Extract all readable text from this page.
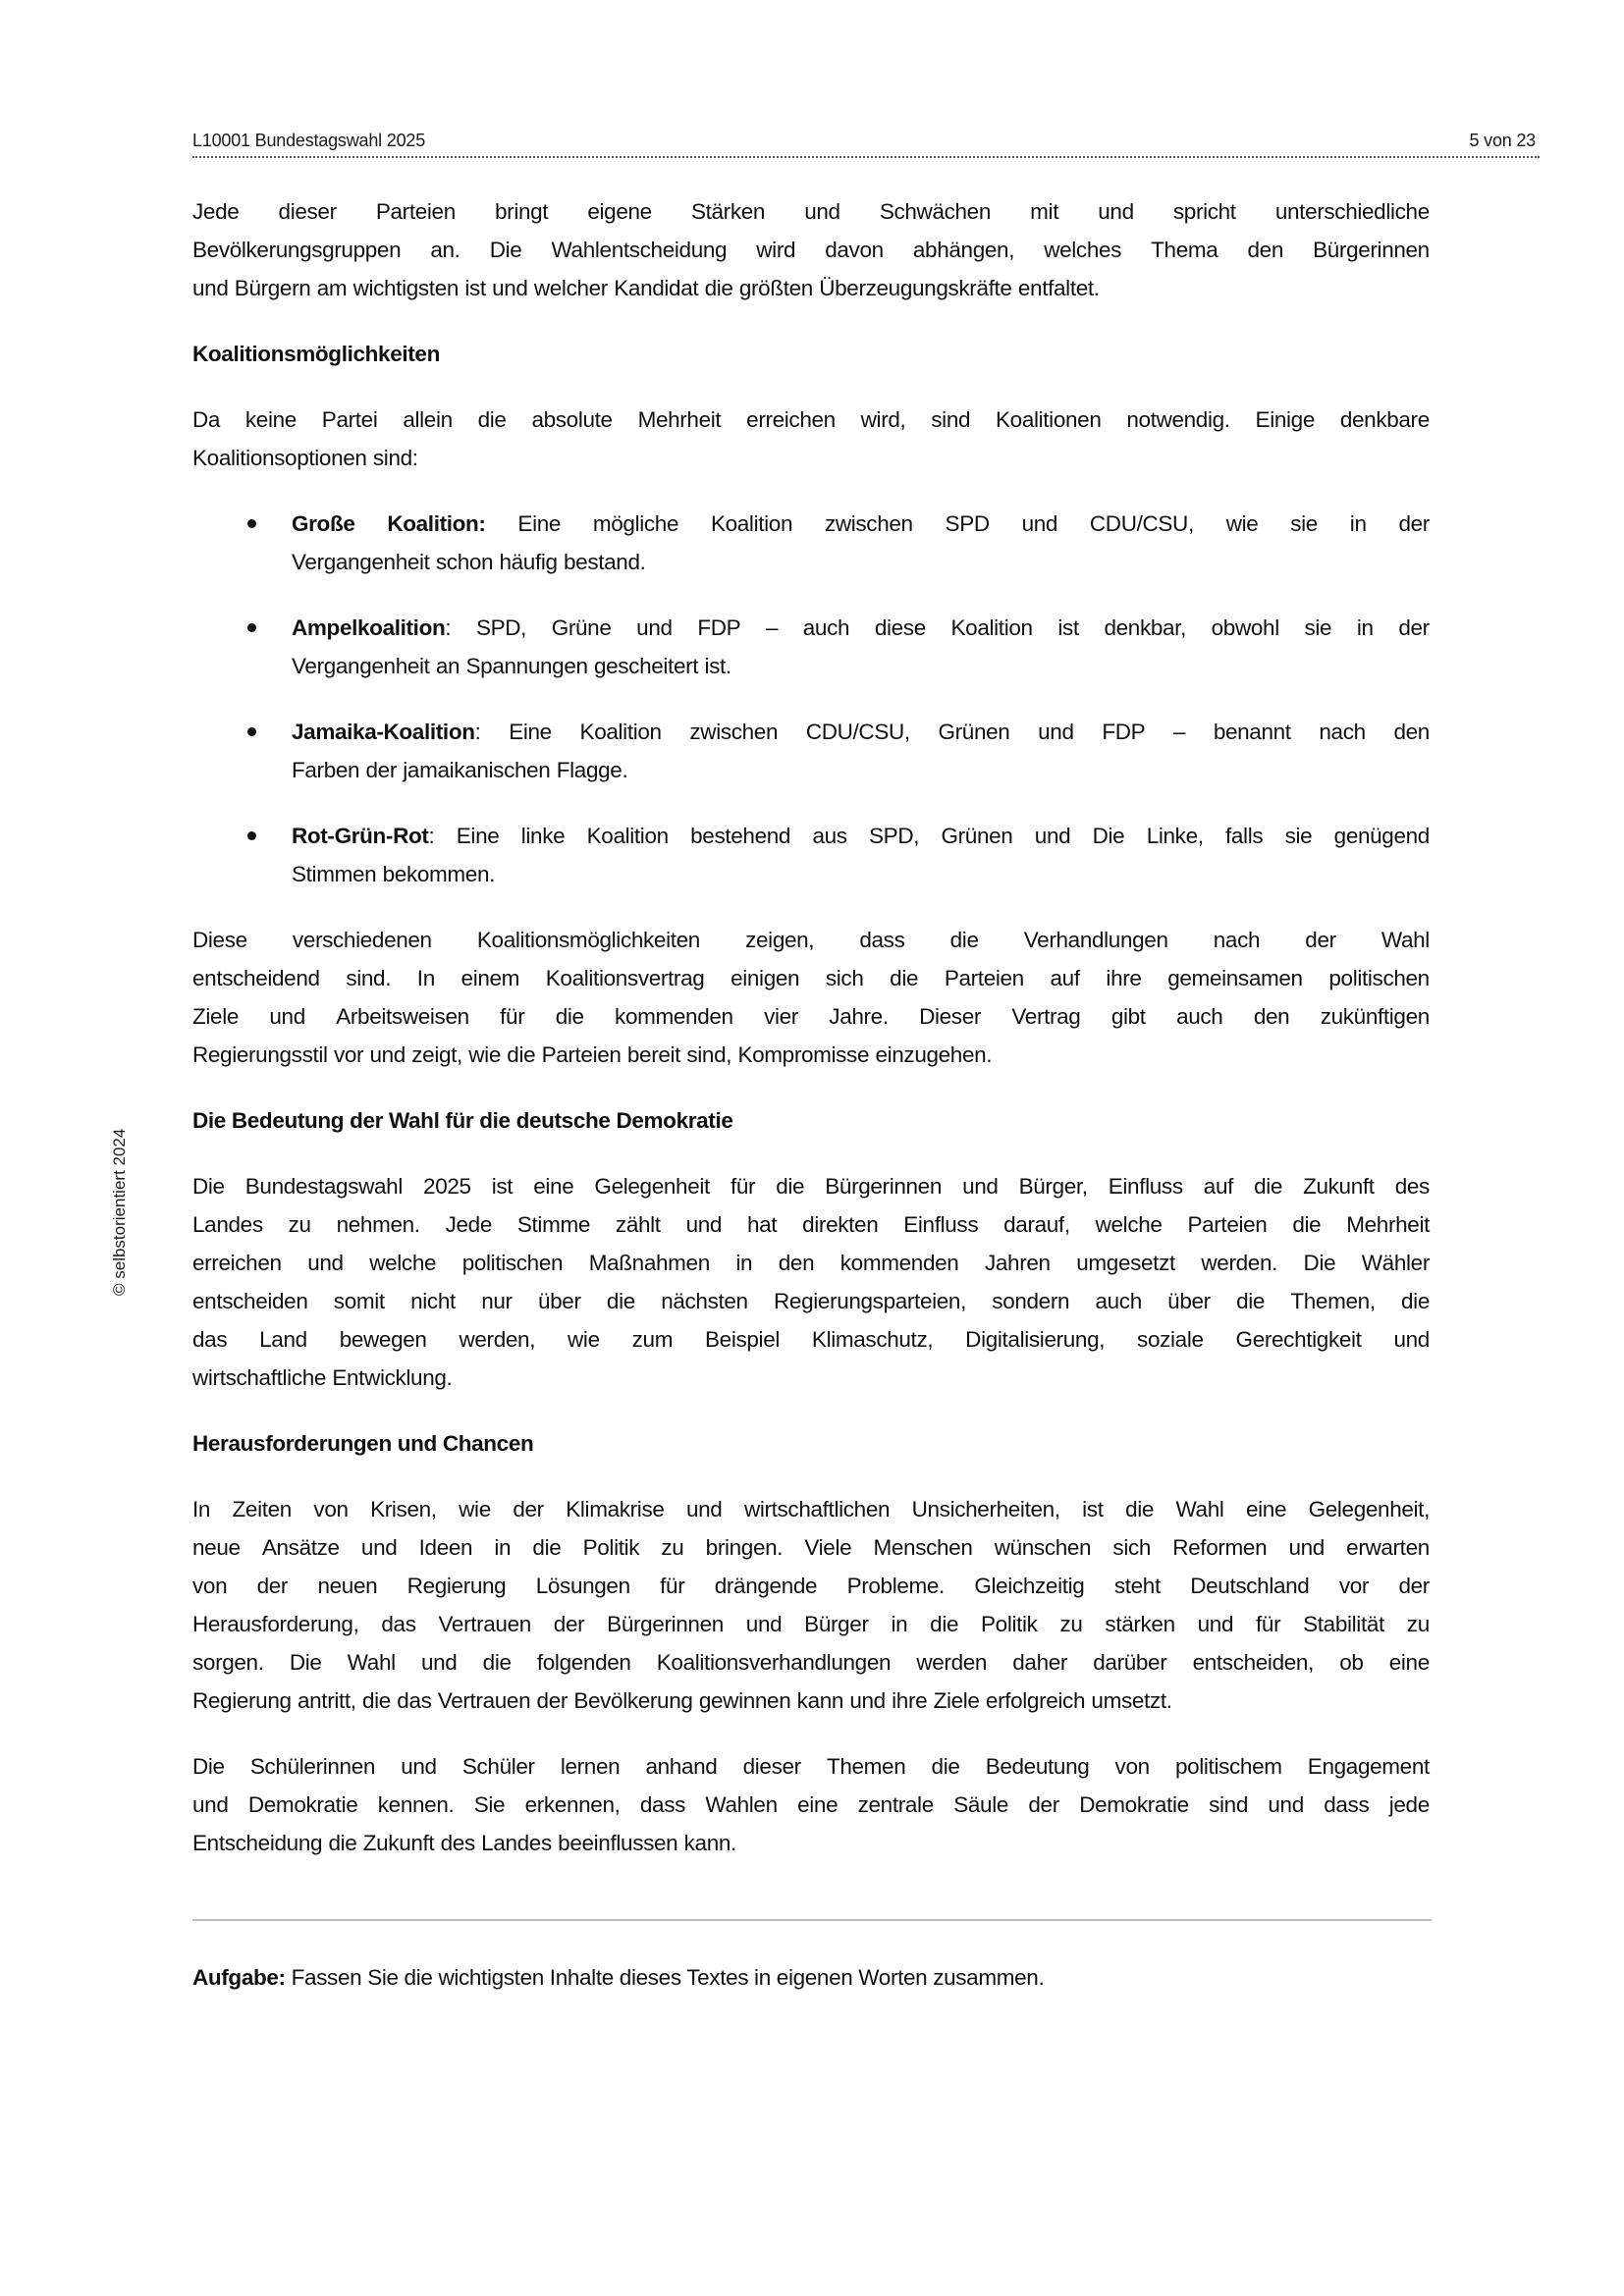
L10001 Bundestagswahl 2025	5 von 23
© selbstorientiert 2024
Jede dieser Parteien bringt eigene Stärken und Schwächen mit und spricht unterschiedliche
Bevölkerungsgruppen an. Die Wahlentscheidung wird davon abhängen, welches Thema den Bürgerinnen
und Bürgern am wichtigsten ist und welcher Kandidat die größten Überzeugungskräfte entfaltet.
Koalitionsmöglichkeiten
Da keine Partei allein die absolute Mehrheit erreichen wird, sind Koalitionen notwendig. Einige denkbare
Koalitionsoptionen sind:
Große Koalition: Eine mögliche Koalition zwischen SPD und CDU/CSU, wie sie in der
Vergangenheit schon häufig bestand.
Ampelkoalition: SPD, Grüne und FDP – auch diese Koalition ist denkbar, obwohl sie in der
Vergangenheit an Spannungen gescheitert ist.
Jamaika-Koalition: Eine Koalition zwischen CDU/CSU, Grünen und FDP – benannt nach den
Farben der jamaikanischen Flagge.
Rot-Grün-Rot: Eine linke Koalition bestehend aus SPD, Grünen und Die Linke, falls sie genügend
Stimmen bekommen.
Diese verschiedenen Koalitionsmöglichkeiten zeigen, dass die Verhandlungen nach der Wahl
entscheidend sind. In einem Koalitionsvertrag einigen sich die Parteien auf ihre gemeinsamen politischen
Ziele und Arbeitsweisen für die kommenden vier Jahre. Dieser Vertrag gibt auch den zukünftigen
Regierungsstil vor und zeigt, wie die Parteien bereit sind, Kompromisse einzugehen.
Die Bedeutung der Wahl für die deutsche Demokratie
Die Bundestagswahl 2025 ist eine Gelegenheit für die Bürgerinnen und Bürger, Einfluss auf die Zukunft des
Landes zu nehmen. Jede Stimme zählt und hat direkten Einfluss darauf, welche Parteien die Mehrheit
erreichen und welche politischen Maßnahmen in den kommenden Jahren umgesetzt werden. Die Wähler
entscheiden somit nicht nur über die nächsten Regierungsparteien, sondern auch über die Themen, die
das Land bewegen werden, wie zum Beispiel Klimaschutz, Digitalisierung, soziale Gerechtigkeit und
wirtschaftliche Entwicklung.
Herausforderungen und Chancen
In Zeiten von Krisen, wie der Klimakrise und wirtschaftlichen Unsicherheiten, ist die Wahl eine Gelegenheit,
neue Ansätze und Ideen in die Politik zu bringen. Viele Menschen wünschen sich Reformen und erwarten
von der neuen Regierung Lösungen für drängende Probleme. Gleichzeitig steht Deutschland vor der
Herausforderung, das Vertrauen der Bürgerinnen und Bürger in die Politik zu stärken und für Stabilität zu
sorgen. Die Wahl und die folgenden Koalitionsverhandlungen werden daher darüber entscheiden, ob eine
Regierung antritt, die das Vertrauen der Bevölkerung gewinnen kann und ihre Ziele erfolgreich umsetzt.
Die Schülerinnen und Schüler lernen anhand dieser Themen die Bedeutung von politischem Engagement
und Demokratie kennen. Sie erkennen, dass Wahlen eine zentrale Säule der Demokratie sind und dass jede
Entscheidung die Zukunft des Landes beeinflussen kann.
Aufgabe: Fassen Sie die wichtigsten Inhalte dieses Textes in eigenen Worten zusammen.
